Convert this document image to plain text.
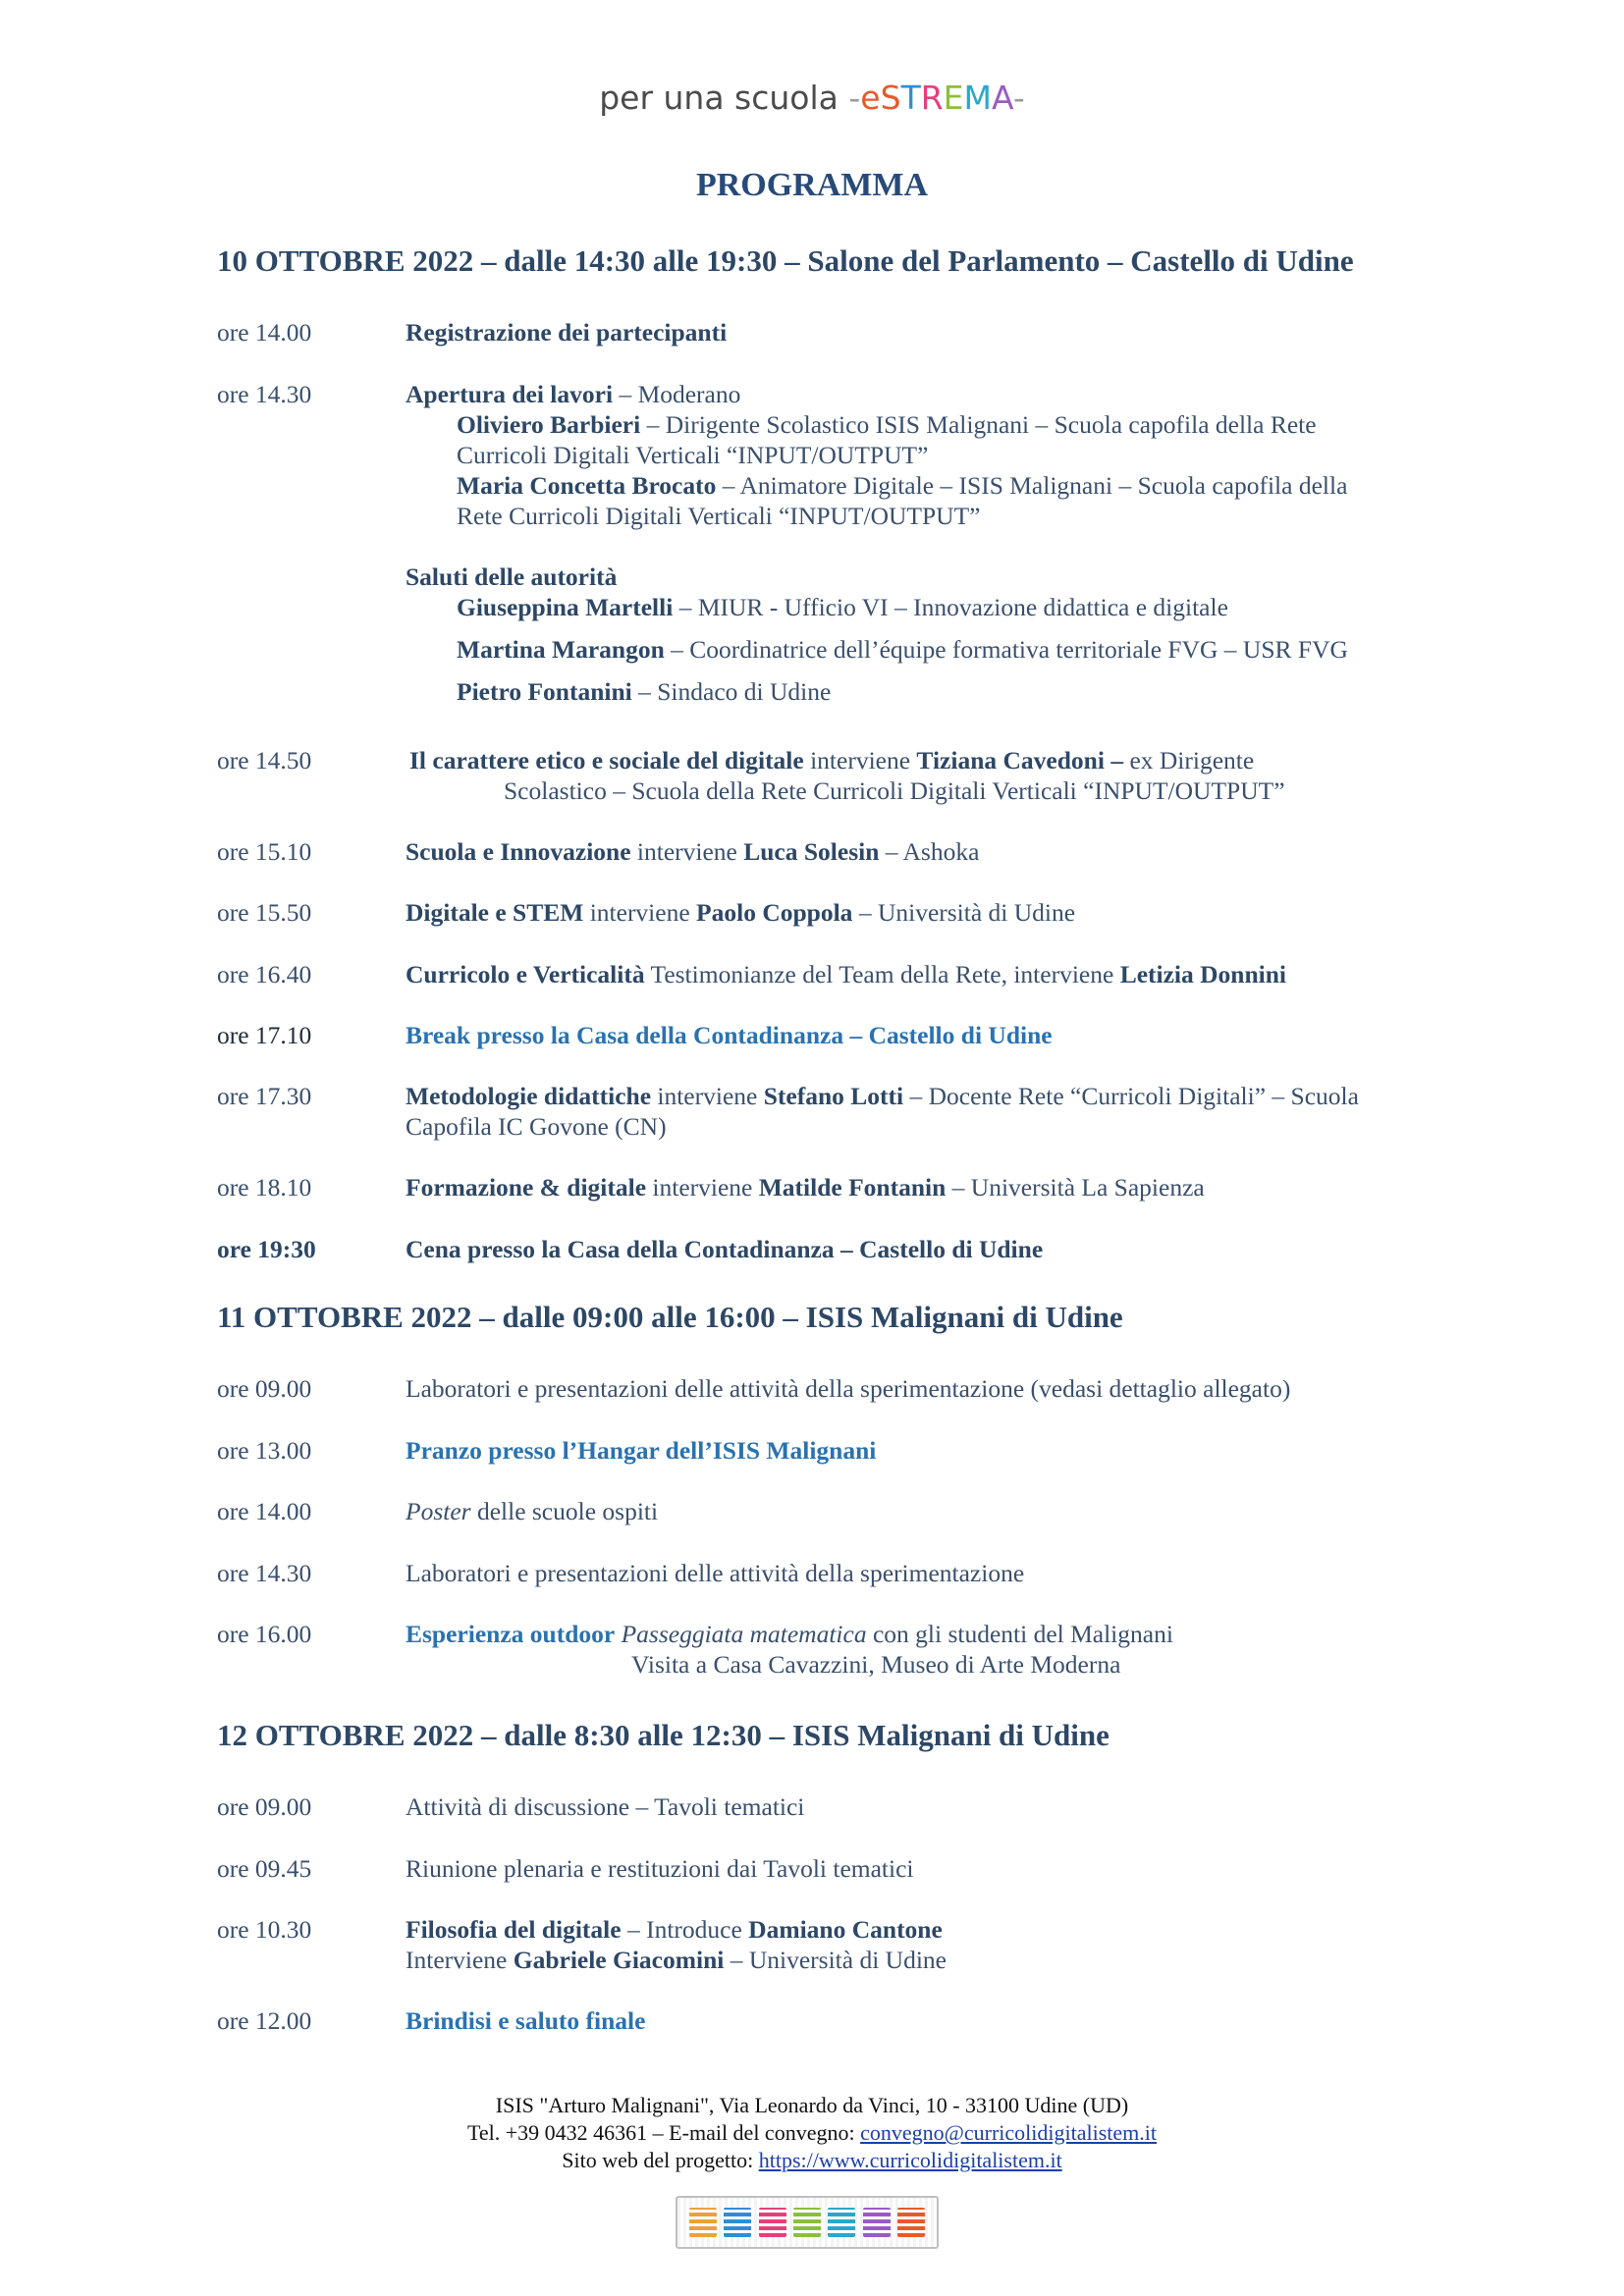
per una scuola -eSTREMA-
PROGRAMMA
10 OTTOBRE 2022 – dalle 14:30 alle 19:30 – Salone del Parlamento – Castello di Udine
ore 14.00	Registrazione dei partecipanti
ore 14.30	Apertura dei lavori – Moderano
Oliviero Barbieri – Dirigente Scolastico ISIS Malignani – Scuola capofila della Rete
Curricoli Digitali Verticali “INPUT/OUTPUT”
Maria Concetta Brocato – Animatore Digitale – ISIS Malignani – Scuola capofila della
Rete Curricoli Digitali Verticali “INPUT/OUTPUT”
Saluti delle autorità
Giuseppina Martelli – MIUR - Ufficio VI – Innovazione didattica e digitale
Martina Marangon – Coordinatrice dell’équipe formativa territoriale FVG – USR FVG
Pietro Fontanini – Sindaco di Udine
ore 14.50	Il carattere etico e sociale del digitale interviene Tiziana Cavedoni – ex Dirigente
Scolastico – Scuola della Rete Curricoli Digitali Verticali “INPUT/OUTPUT”
ore 15.10	Scuola e Innovazione interviene Luca Solesin – Ashoka
ore 15.50	Digitale e STEM interviene Paolo Coppola – Università di Udine
ore 16.40	Curricolo e Verticalità Testimonianze del Team della Rete, interviene Letizia Donnini
ore 17.10	Break presso la Casa della Contadinanza – Castello di Udine
ore 17.30	Metodologie didattiche interviene Stefano Lotti – Docente Rete “Curricoli Digitali” – Scuola
Capofila IC Govone (CN)
ore 18.10	Formazione & digitale interviene Matilde Fontanin – Università La Sapienza
ore 19:30	Cena presso la Casa della Contadinanza – Castello di Udine
11 OTTOBRE 2022 – dalle 09:00 alle 16:00 – ISIS Malignani di Udine
ore 09.00	Laboratori e presentazioni delle attività della sperimentazione (vedasi dettaglio allegato)
ore 13.00	Pranzo presso l’Hangar dell’ISIS Malignani
ore 14.00	Poster delle scuole ospiti
ore 14.30	Laboratori e presentazioni delle attività della sperimentazione
ore 16.00	Esperienza outdoor Passeggiata matematica con gli studenti del Malignani
Visita a Casa Cavazzini, Museo di Arte Moderna
12 OTTOBRE 2022 – dalle 8:30 alle 12:30 – ISIS Malignani di Udine
ore 09.00	Attività di discussione – Tavoli tematici
ore 09.45	Riunione plenaria e restituzioni dai Tavoli tematici
ore 10.30	Filosofia del digitale – Introduce Damiano Cantone
Interviene Gabriele Giacomini – Università di Udine
ore 12.00	Brindisi e saluto finale
ISIS "Arturo Malignani", Via Leonardo da Vinci, 10 - 33100 Udine (UD)
Tel. +39 0432 46361 – E-mail del convegno: convegno@curricolidigitalistem.it
Sito web del progetto: https://www.curricolidigitalistem.it
